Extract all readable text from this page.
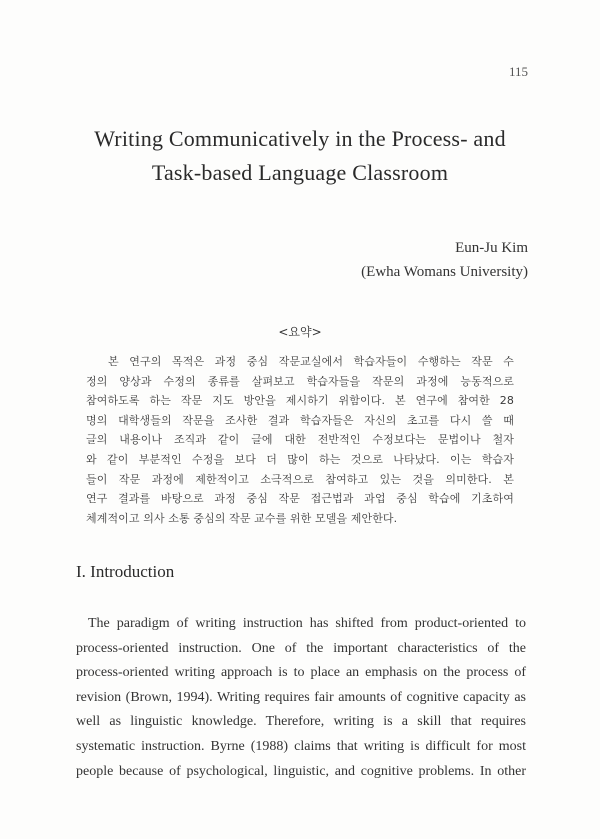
115
Writing Communicatively in the Process- and
Task-based Language Classroom
Eun-Ju Kim
(Ewha Womans University)
<요약>
본 연구의 목적은 과정 중심 작문교실에서 학습자들이 수행하는 작문 수
정의 양상과 수정의 종류를 살펴보고 학습자들을 작문의 과정에 능동적으로
참여하도록 하는 작문 지도 방안을 제시하기 위함이다. 본 연구에 참여한 28
명의 대학생들의 작문을 조사한 결과 학습자들은 자신의 초고를 다시 쓸 때
글의 내용이나 조직과 같이 글에 대한 전반적인 수정보다는 문법이나 철자
와 같이 부분적인 수정을 보다 더 많이 하는 것으로 나타났다. 이는 학습자
들이 작문 과정에 제한적이고 소극적으로 참여하고 있는 것을 의미한다. 본
연구 결과를 바탕으로 과정 중심 작문 접근법과 과업 중심 학습에 기초하여
체계적이고 의사 소통 중심의 작문 교수를 위한 모델을 제안한다.
I. Introduction
The paradigm of writing instruction has shifted from product-oriented to
process-oriented instruction. One of the important characteristics of the
process-oriented writing approach is to place an emphasis on the process of
revision (Brown, 1994). Writing requires fair amounts of cognitive capacity as
well as linguistic knowledge. Therefore, writing is a skill that requires
systematic instruction. Byrne (1988) claims that writing is difficult for most
people because of psychological, linguistic, and cognitive problems. In other
